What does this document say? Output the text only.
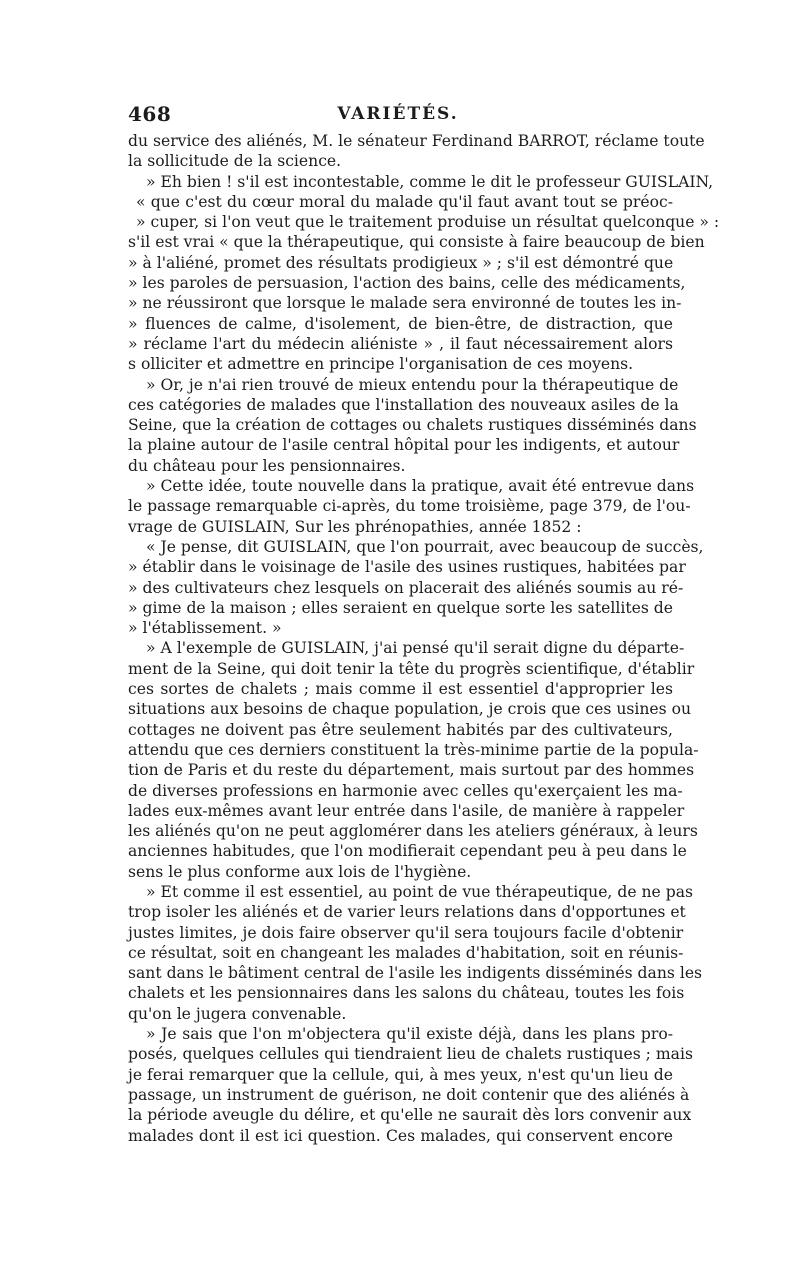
468	VARIÉTÉS.
du service des aliénés, M. le sénateur Ferdinand BARROT, réclame toute
la sollicitude de la science.
» Eh bien ! s'il est incontestable, comme le dit le professeur GUISLAIN,
« que c'est du cœur moral du malade qu'il faut avant tout se préoc-
» cuper, si l'on veut que le traitement produise un résultat quelconque » :
s'il est vrai « que la thérapeutique, qui consiste à faire beaucoup de bien
» à l'aliéné, promet des résultats prodigieux » ; s'il est démontré que
» les paroles de persuasion, l'action des bains, celle des médicaments,
» ne réussiront que lorsque le malade sera environné de toutes les in-
» fluences de calme, d'isolement, de bien-être, de distraction, que
» réclame l'art du médecin aliéniste » , il faut nécessairement alors
s olliciter et admettre en principe l'organisation de ces moyens.
» Or, je n'ai rien trouvé de mieux entendu pour la thérapeutique de
ces catégories de malades que l'installation des nouveaux asiles de la
Seine, que la création de cottages ou chalets rustiques disséminés dans
la plaine autour de l'asile central hôpital pour les indigents, et autour
du château pour les pensionnaires.
» Cette idée, toute nouvelle dans la pratique, avait été entrevue dans
le passage remarquable ci-après, du tome troisième, page 379, de l'ou-
vrage de GUISLAIN, Sur les phrénopathies, année 1852 :
« Je pense, dit GUISLAIN, que l'on pourrait, avec beaucoup de succès,
» établir dans le voisinage de l'asile des usines rustiques, habitées par
» des cultivateurs chez lesquels on placerait des aliénés soumis au ré-
» gime de la maison ; elles seraient en quelque sorte les satellites de
» l'établissement. »
» A l'exemple de GUISLAIN, j'ai pensé qu'il serait digne du départe-
ment de la Seine, qui doit tenir la tête du progrès scientifique, d'établir
ces sortes de chalets ; mais comme il est essentiel d'approprier les
situations aux besoins de chaque population, je crois que ces usines ou
cottages ne doivent pas être seulement habités par des cultivateurs,
attendu que ces derniers constituent la très-minime partie de la popula-
tion de Paris et du reste du département, mais surtout par des hommes
de diverses professions en harmonie avec celles qu'exerçaient les ma-
lades eux-mêmes avant leur entrée dans l'asile, de manière à rappeler
les aliénés qu'on ne peut agglomérer dans les ateliers généraux, à leurs
anciennes habitudes, que l'on modifierait cependant peu à peu dans le
sens le plus conforme aux lois de l'hygiène.
» Et comme il est essentiel, au point de vue thérapeutique, de ne pas
trop isoler les aliénés et de varier leurs relations dans d'opportunes et
justes limites, je dois faire observer qu'il sera toujours facile d'obtenir
ce résultat, soit en changeant les malades d'habitation, soit en réunis-
sant dans le bâtiment central de l'asile les indigents disséminés dans les
chalets et les pensionnaires dans les salons du château, toutes les fois
qu'on le jugera convenable.
» Je sais que l'on m'objectera qu'il existe déjà, dans les plans pro-
posés, quelques cellules qui tiendraient lieu de chalets rustiques ; mais
je ferai remarquer que la cellule, qui, à mes yeux, n'est qu'un lieu de
passage, un instrument de guérison, ne doit contenir que des aliénés à
la période aveugle du délire, et qu'elle ne saurait dès lors convenir aux
malades dont il est ici question. Ces malades, qui conservent encore
